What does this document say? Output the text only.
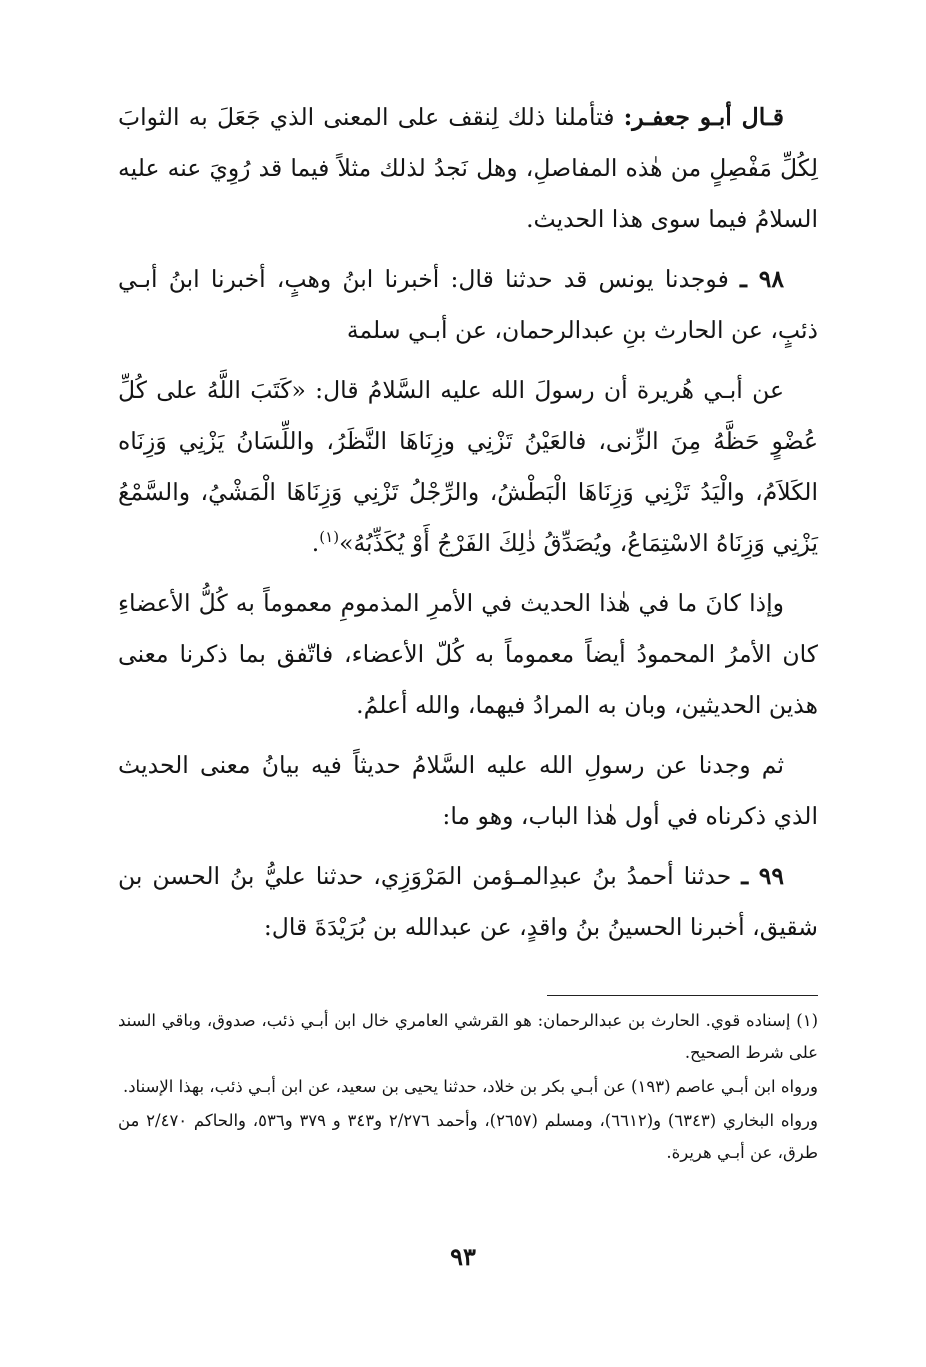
قـال أبـو جعفـر: فتأملنا ذلك لِنقف على المعنى الذي جَعَلَ به الثوابَ لِكُلِّ مَفْصِلٍ من هٰذه المفاصلِ، وهل نَجدُ لذلك مثلاً فيما قد رُوِيَ عنه عليه السلامُ فيما سوى هذا الحديث.

٩٨ ـ فوجدنا يونس قد حدثنا قال: أخبرنا ابنُ وهبٍ، أخبرنا ابنُ أبـي ذئبٍ، عن الحارث بنِ عبدالرحمان، عن أبـي سلمة

عن أبـي هُريرة أن رسولَ الله عليه السَّلامُ قال: «كَتَبَ اللَّهُ على كُلِّ عُضْوٍ حَظَّهُ مِنَ الزِّنى، فالعَيْنُ تَزْنِي وزِنَاهَا النَّظَرُ، واللِّسَانُ يَزْنِي وَزِنَاه الكَلاَمُ، والْيَدُ تَزْنِي وَزِنَاهَا الْبَطْشُ، والرِّجْلُ تَزْنِي وَزِنَاهَا الْمَشْيُ، والسَّمْعُ يَزْنِي وَزِنَاهُ الاسْتِمَاعُ، ويُصَدِّقُ ذٰلِكَ الفَرْجُ أَوْ يُكَذِّبُهُ»$^{(١)}$.

وإذا كانَ ما في هٰذا الحديث في الأمرِ المذمومِ معموماً به كُلُّ الأعضاءِ كان الأمرُ المحمودُ أيضاً معموماً به كُلّ الأعضاء، فاتّفق بما ذكرنا معنى هذين الحديثين، وبان به المرادُ فيهما، والله أعلمُ.

ثم وجدنا عن رسولِ الله عليه السَّلامُ حديثاً فيه بيانُ معنى الحديث الذي ذكرناه في أول هٰذا الباب، وهو ما:

٩٩ ـ حدثنا أحمدُ بنُ عبدِالمـؤمن المَرْوَزِي، حدثنا عليُّ بنُ الحسن بن شقيق، أخبرنا الحسينُ بنُ واقدٍ، عن عبدالله بن بُرَيْدَةَ قال:

(١) إسناده قوي. الحارث بن عبدالرحمان: هو القرشي العامري خال ابن أبـي ذئب، صدوق، وباقي السند على شرط الصحيح.

ورواه ابن أبـي عاصم (١٩٣) عن أبـي بكر بن خلاد، حدثنا يحيى بن سعيد، عن ابن أبـي ذئب، بهذا الإسناد.

ورواه البخاري (٦٣٤٣) و(٦٦١٢)، ومسلم (٢٦٥٧)، وأحمد ٢/٢٧٦ و٣٤٣ و ٣٧٩ و٥٣٦، والحاكم ٢/٤٧٠ من طرق، عن أبـي هريرة.

٩٣
